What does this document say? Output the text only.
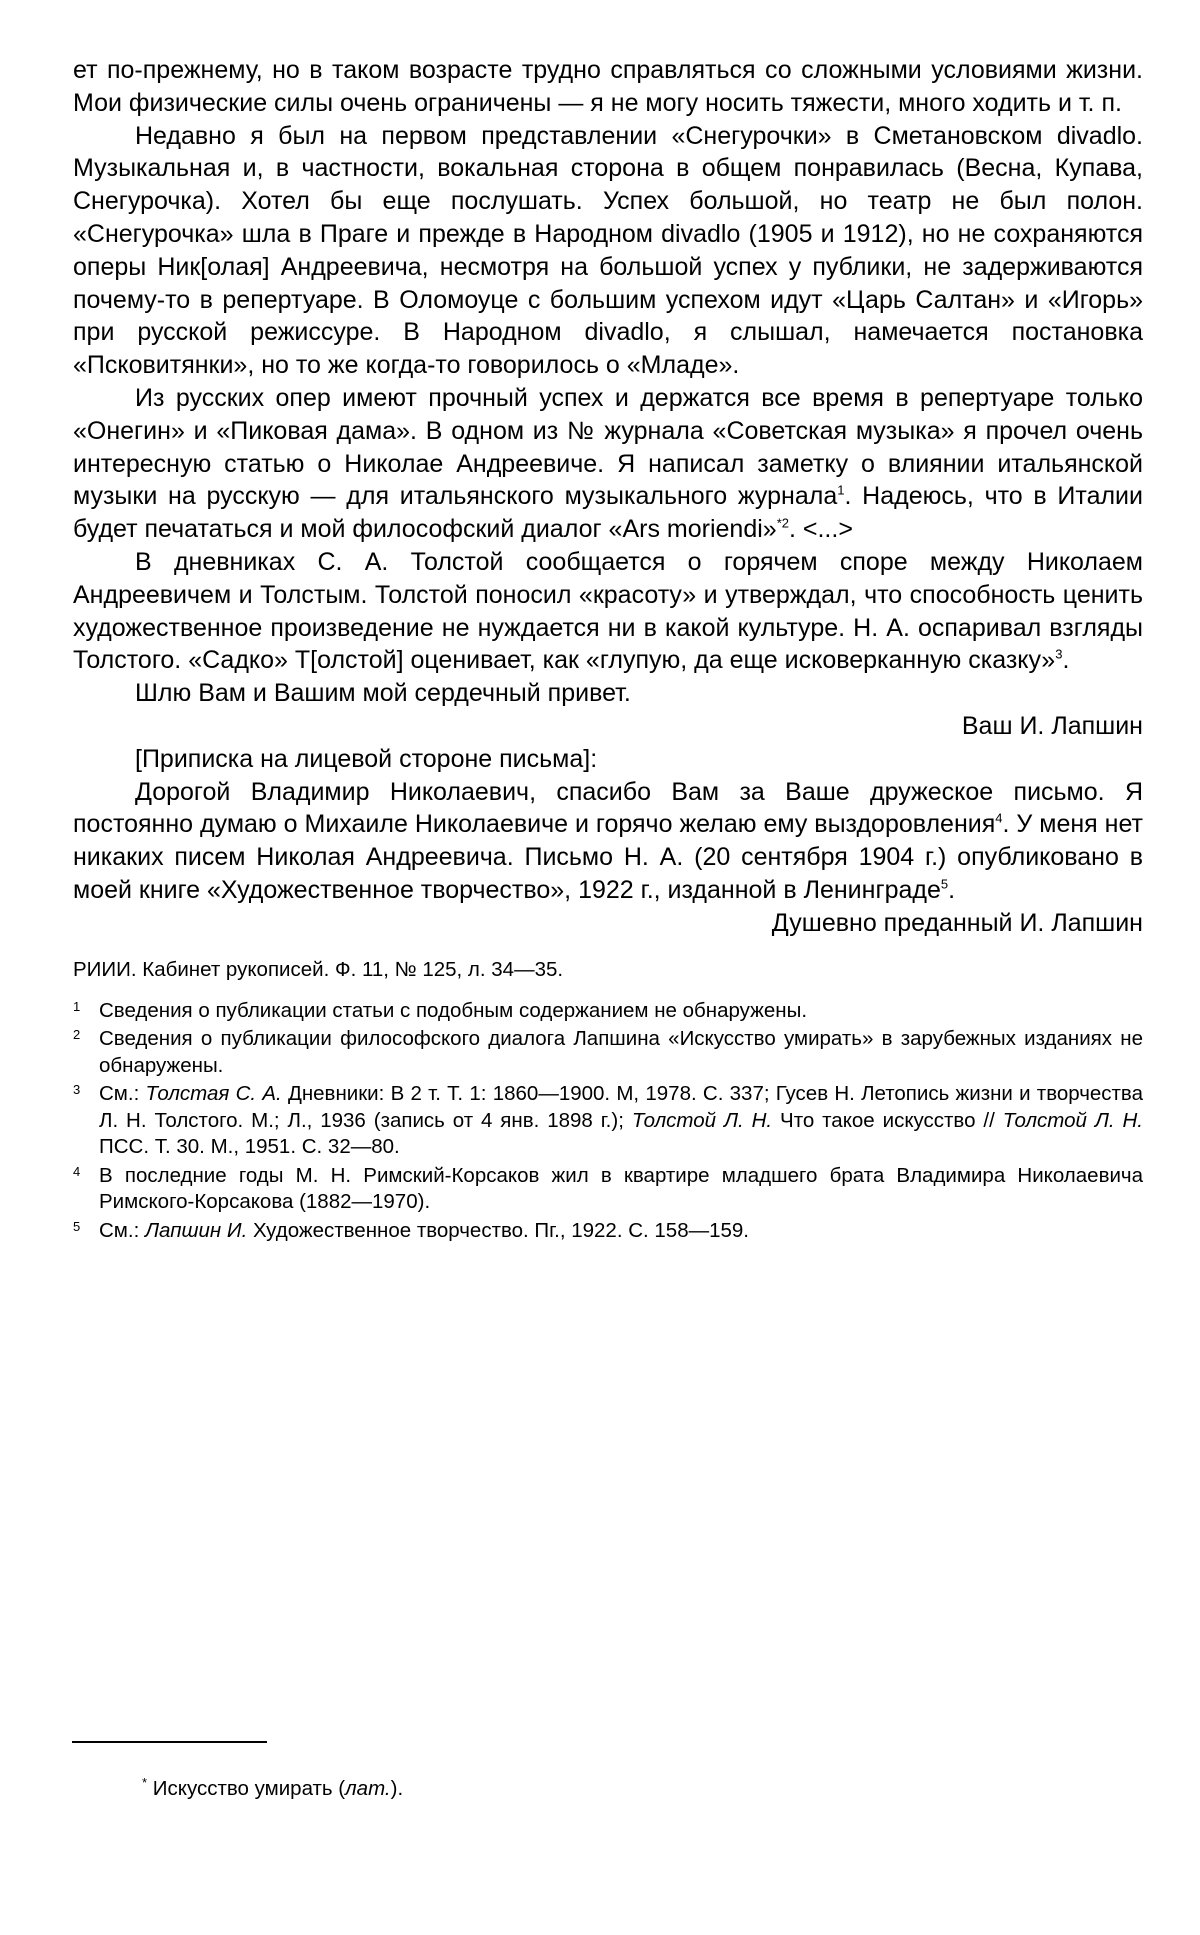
ет по-прежнему, но в таком возрасте трудно справляться со сложными условиями жизни. Мои физические силы очень ограничены — я не могу носить тяжести, много ходить и т. п.

Недавно я был на первом представлении «Снегурочки» в Сметановском divadlo. Музыкальная и, в частности, вокальная сторона в общем понравилась (Весна, Купава, Снегурочка). Хотел бы еще послушать. Успех большой, но театр не был полон. «Снегурочка» шла в Праге и прежде в Народном divadlo (1905 и 1912), но не сохраняются оперы Ник[олая] Андреевича, несмотря на большой успех у публики, не задерживаются почему-то в репертуаре. В Оломоуце с большим успехом идут «Царь Салтан» и «Игорь» при русской режиссуре. В Народном divadlo, я слышал, намечается постановка «Псковитянки», но то же когда-то говорилось о «Младе».

Из русских опер имеют прочный успех и держатся все время в репертуаре только «Онегин» и «Пиковая дама». В одном из № журнала «Советская музыка» я прочел очень интересную статью о Николае Андреевиче. Я написал заметку о влиянии итальянской музыки на русскую — для итальянского музыкального журнала$^1$. Надеюсь, что в Италии будет печататься и мой философский диалог «Ars moriendi»$^{*2}$. <...>

В дневниках С. А. Толстой сообщается о горячем споре между Николаем Андреевичем и Толстым. Толстой поносил «красоту» и утверждал, что способность ценить художественное произведение не нуждается ни в какой культуре. Н. А. оспаривал взгляды Толстого. «Садко» Т[олстой] оценивает, как «глупую, да еще исковерканную сказку»$^3$.

Шлю Вам и Вашим мой сердечный привет.

Ваш И. Лапшин

[Приписка на лицевой стороне письма]:

Дорогой Владимир Николаевич, спасибо Вам за Ваше дружеское письмо. Я постоянно думаю о Михаиле Николаевиче и горячо желаю ему выздоровления$^4$. У меня нет никаких писем Николая Андреевича. Письмо Н. А. (20 сентября 1904 г.) опубликовано в моей книге «Художественное творчество», 1922 г., изданной в Ленинграде$^5$.

Душевно преданный И. Лапшин

РИИИ. Кабинет рукописей. Ф. 11, № 125, л. 34—35.

1 Сведения о публикации статьи с подобным содержанием не обнаружены.

2 Сведения о публикации философского диалога Лапшина «Искусство умирать» в зарубежных изданиях не обнаружены.

3 См.: Толстая С. А. Дневники: В 2 т. Т. 1: 1860—1900. М, 1978. С. 337; Гусев Н. Летопись жизни и творчества Л. Н. Толстого. М.; Л., 1936 (запись от 4 янв. 1898 г.); Толстой Л. Н. Что такое искусство // Толстой Л. Н. ПСС. Т. 30. М., 1951. С. 32—80.

4 В последние годы М. Н. Римский-Корсаков жил в квартире младшего брата Владимира Николаевича Римского-Корсакова (1882—1970).

5 См.: Лапшин И. Художественное творчество. Пг., 1922. С. 158—159.

* Искусство умирать (лат.).
